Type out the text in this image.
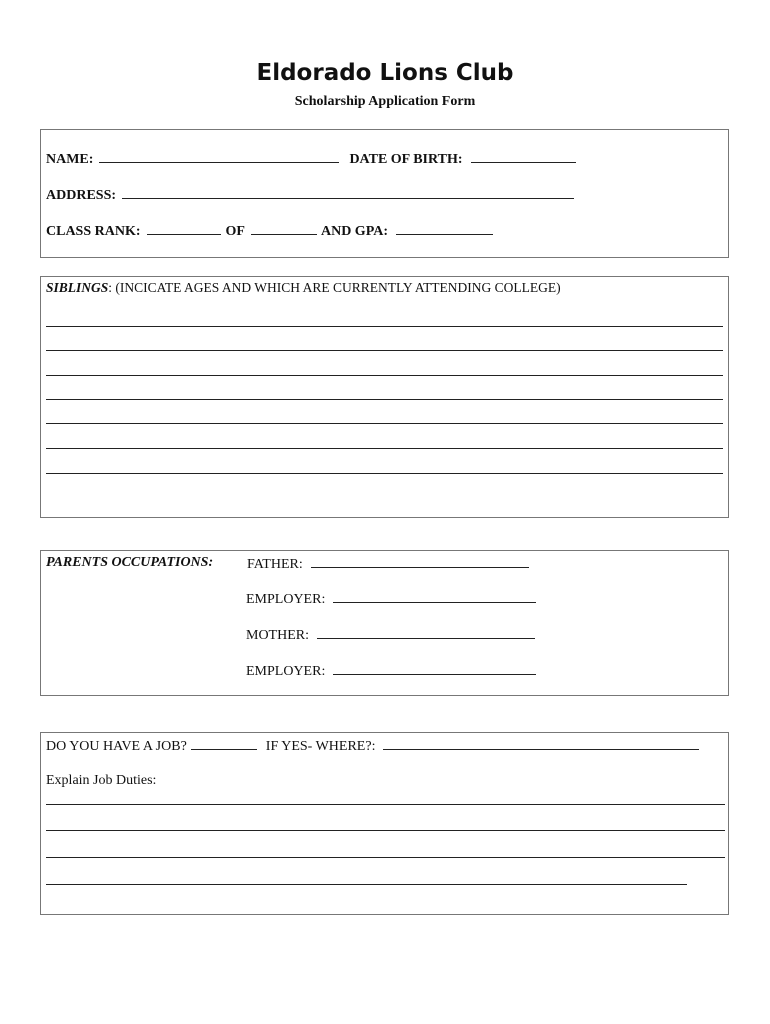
Eldorado Lions Club
Scholarship Application Form
NAME:	DATE OF BIRTH:
ADDRESS:
CLASS RANK:	OF	AND GPA:
SIBLINGS : (INCICATE AGES AND WHICH ARE CURRENTLY ATTENDING COLLEGE)
PARENTS OCCUPATIONS: FATHER:
EMPLOYER:
MOTHER:
EMPLOYER:
DO YOU HAVE A JOB?	IF YES- WHERE?:
Explain Job Duties:
